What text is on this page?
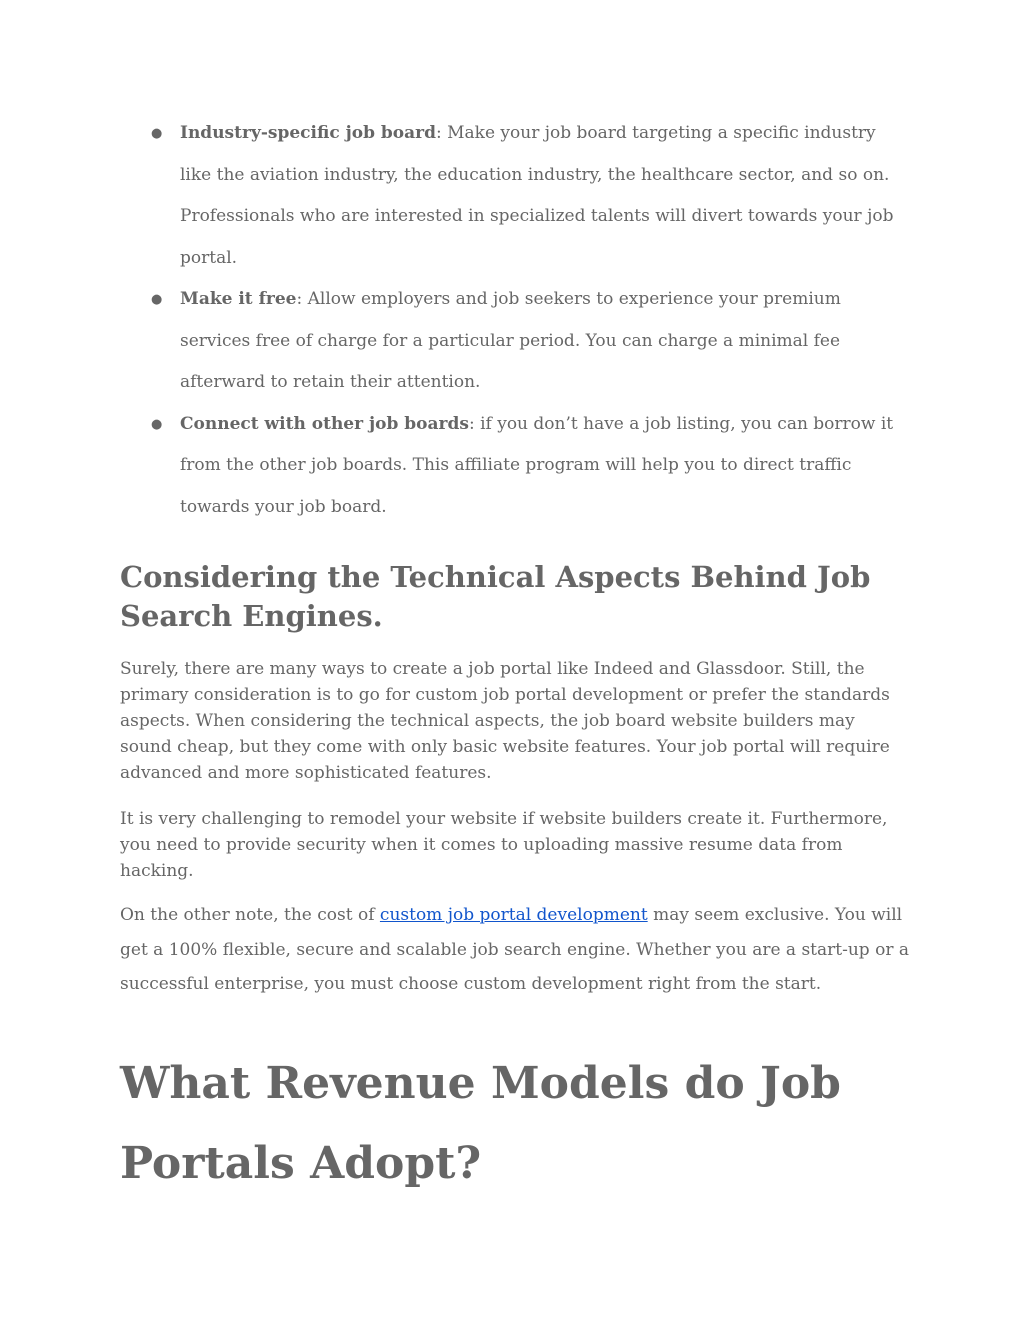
● Industry-specific job board: Make your job board targeting a specific industry like the aviation industry, the education industry, the healthcare sector, and so on. Professionals who are interested in specialized talents will divert towards your job portal.
● Make it free: Allow employers and job seekers to experience your premium services free of charge for a particular period. You can charge a minimal fee afterward to retain their attention.
● Connect with other job boards: if you don’t have a job listing, you can borrow it from the other job boards. This affiliate program will help you to direct traffic towards your job board.
Considering the Technical Aspects Behind Job Search Engines.

Surely, there are many ways to create a job portal like Indeed and Glassdoor. Still, the primary consideration is to go for custom job portal development or prefer the standards aspects. When considering the technical aspects, the job board website builders may sound cheap, but they come with only basic website features. Your job portal will require advanced and more sophisticated features.

It is very challenging to remodel your website if website builders create it. Furthermore, you need to provide security when it comes to uploading massive resume data from hacking.

On the other note, the cost of custom job portal development may seem exclusive. You will get a 100% flexible, secure and scalable job search engine. Whether you are a start-up or a successful enterprise, you must choose custom development right from the start.

What Revenue Models do Job Portals Adopt?
